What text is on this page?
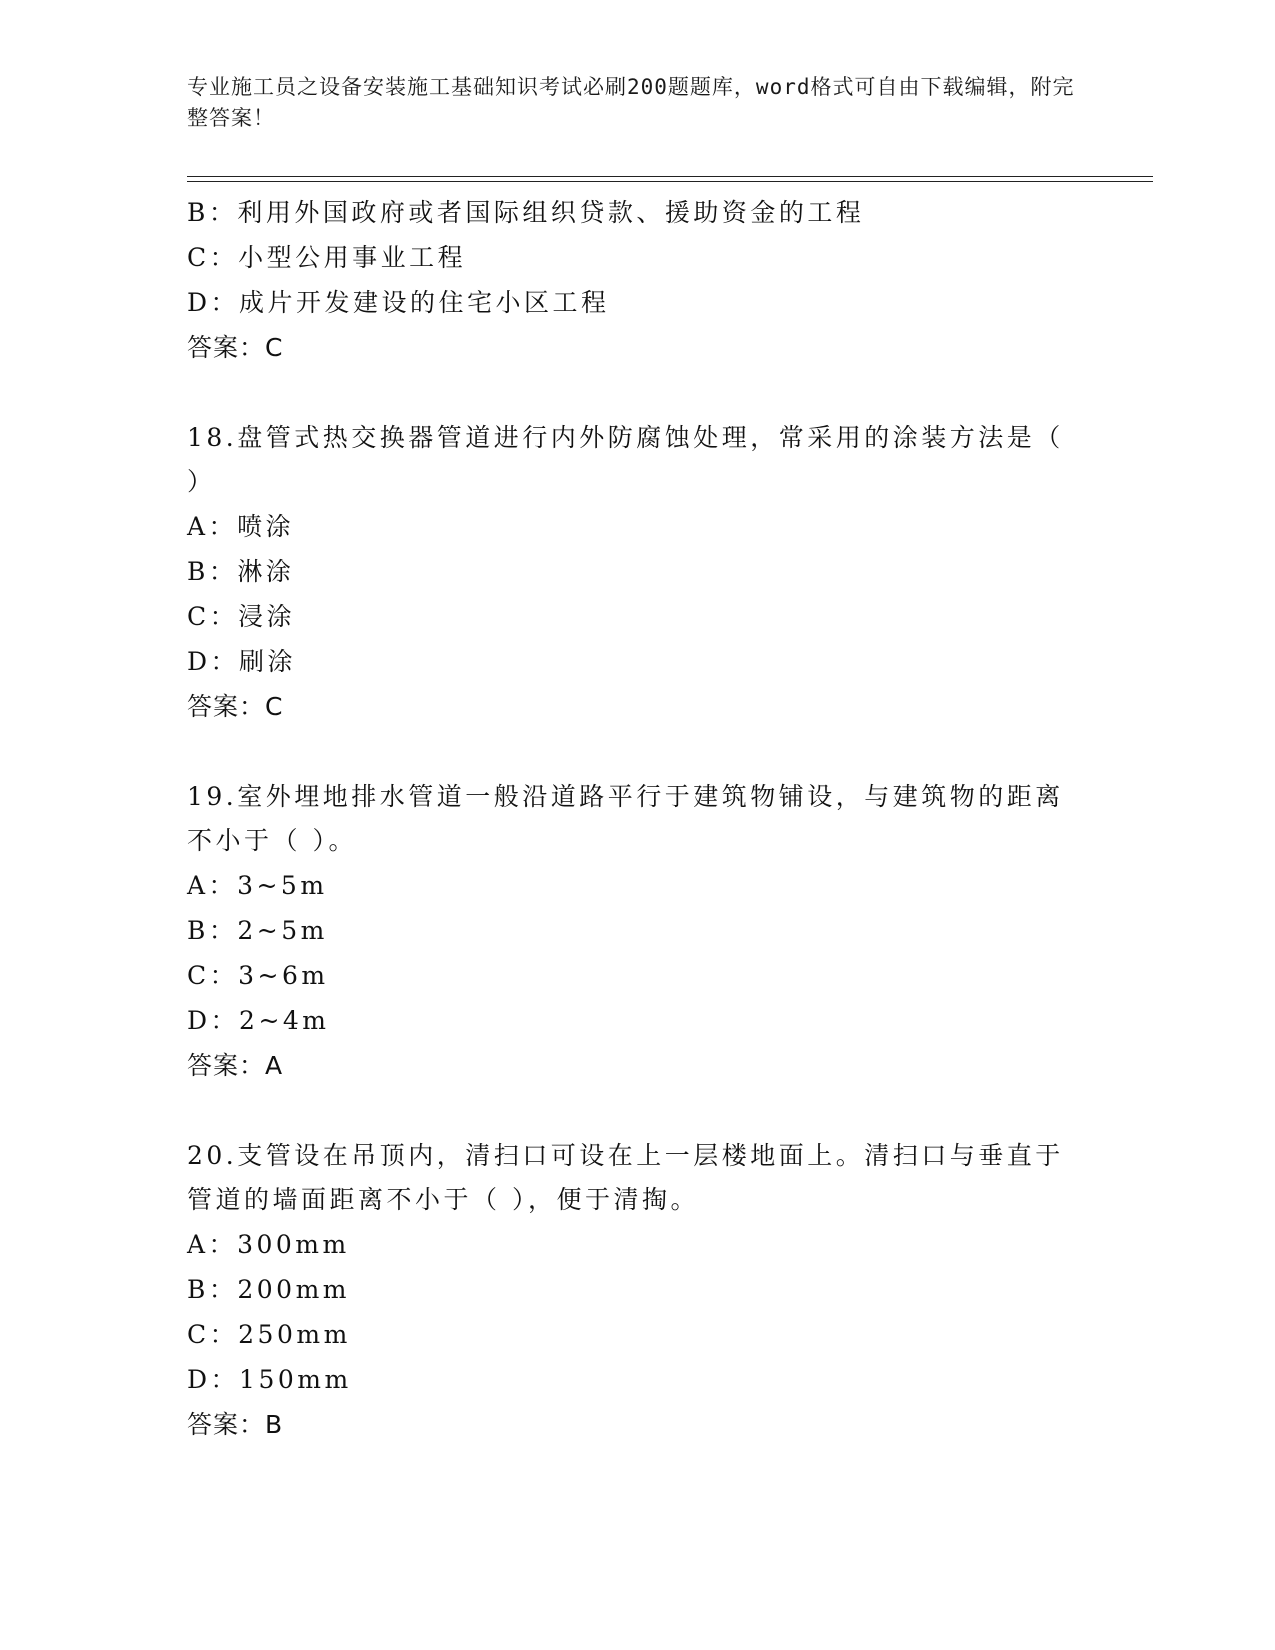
专业施工员之设备安装施工基础知识考试必刷200题题库，word格式可自由下载编辑，附完整答案！
B：利用外国政府或者国际组织贷款、援助资金的工程
C：小型公用事业工程
D：成片开发建设的住宅小区工程
答案：C
18.盘管式热交换器管道进行内外防腐蚀处理，常采用的涂装方法是（ ）
A：喷涂
B：淋涂
C：浸涂
D：刷涂
答案：C
19.室外埋地排水管道一般沿道路平行于建筑物铺设，与建筑物的距离不小于（ ）。
A：3~5m
B：2~5m
C：3~6m
D：2~4m
答案：A
20.支管设在吊顶内，清扫口可设在上一层楼地面上。清扫口与垂直于管道的墙面距离不小于（ ），便于清掏。
A：300mm
B：200mm
C：250mm
D：150mm
答案：B
